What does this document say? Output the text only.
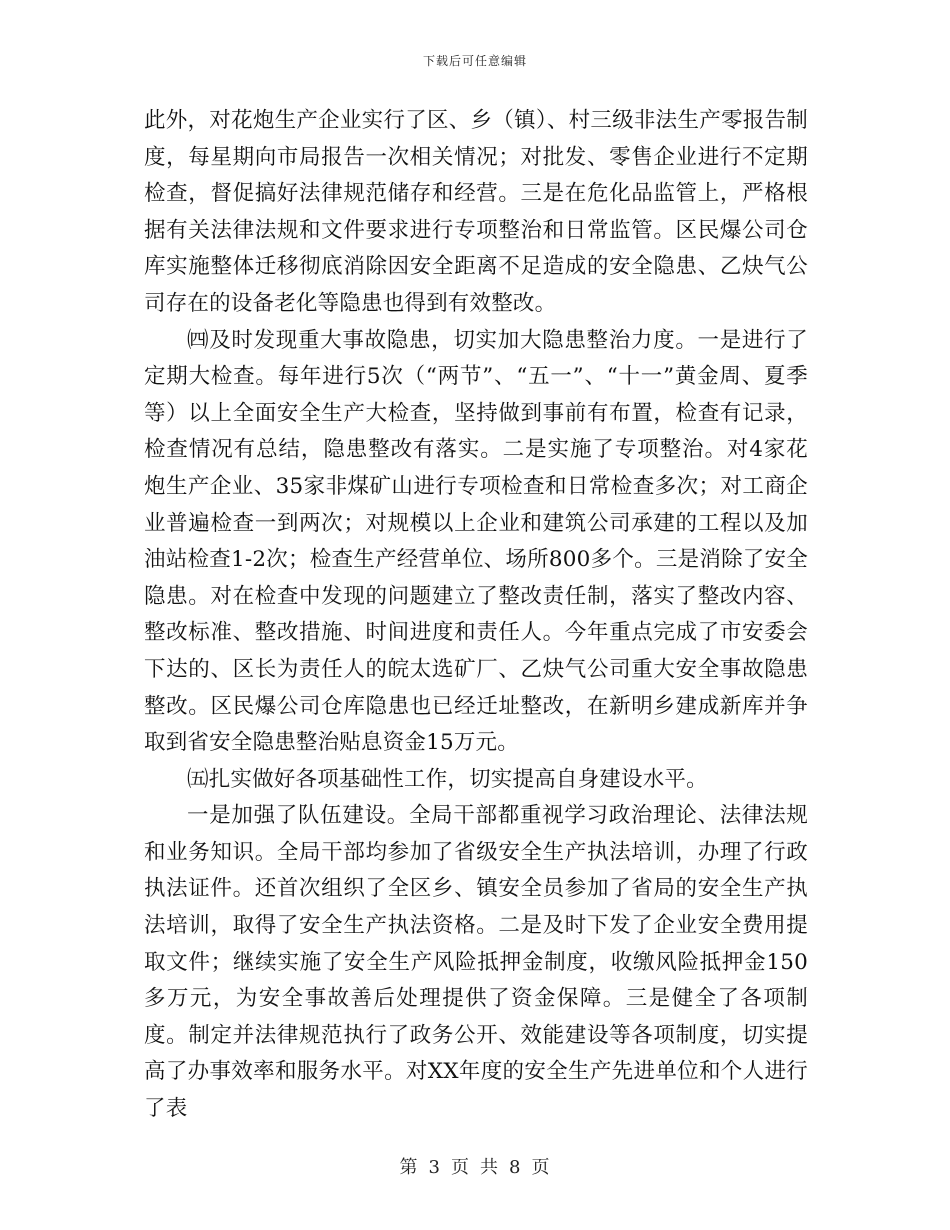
下载后可任意编辑

此外，对花炮生产企业实行了区、乡（镇）、村三级非法生产零报告制度，每星期向市局报告一次相关情况；对批发、零售企业进行不定期检查，督促搞好法律规范储存和经营。三是在危化品监管上，严格根据有关法律法规和文件要求进行专项整治和日常监管。区民爆公司仓库实施整体迁移彻底消除因安全距离不足造成的安全隐患、乙炔气公司存在的设备老化等隐患也得到有效整改。

㈣及时发现重大事故隐患，切实加大隐患整治力度。一是进行了定期大检查。每年进行5次（“两节”、“五一”、“十一”黄金周、夏季等）以上全面安全生产大检查，坚持做到事前有布置，检查有记录，检查情况有总结，隐患整改有落实。二是实施了专项整治。对4家花炮生产企业、35家非煤矿山进行专项检查和日常检查多次；对工商企业普遍检查一到两次；对规模以上企业和建筑公司承建的工程以及加油站检查1-2次；检查生产经营单位、场所800多个。三是消除了安全隐患。对在检查中发现的问题建立了整改责任制，落实了整改内容、整改标准、整改措施、时间进度和责任人。今年重点完成了市安委会下达的、区长为责任人的皖太选矿厂、乙炔气公司重大安全事故隐患整改。区民爆公司仓库隐患也已经迁址整改，在新明乡建成新库并争取到省安全隐患整治贴息资金15万元。

㈤扎实做好各项基础性工作，切实提高自身建设水平。

一是加强了队伍建设。全局干部都重视学习政治理论、法律法规和业务知识。全局干部均参加了省级安全生产执法培训，办理了行政执法证件。还首次组织了全区乡、镇安全员参加了省局的安全生产执法培训，取得了安全生产执法资格。二是及时下发了企业安全费用提取文件；继续实施了安全生产风险抵押金制度，收缴风险抵押金150多万元，为安全事故善后处理提供了资金保障。三是健全了各项制度。制定并法律规范执行了政务公开、效能建设等各项制度，切实提高了办事效率和服务水平。对XX年度的安全生产先进单位和个人进行了表

第 3 页 共 8 页
